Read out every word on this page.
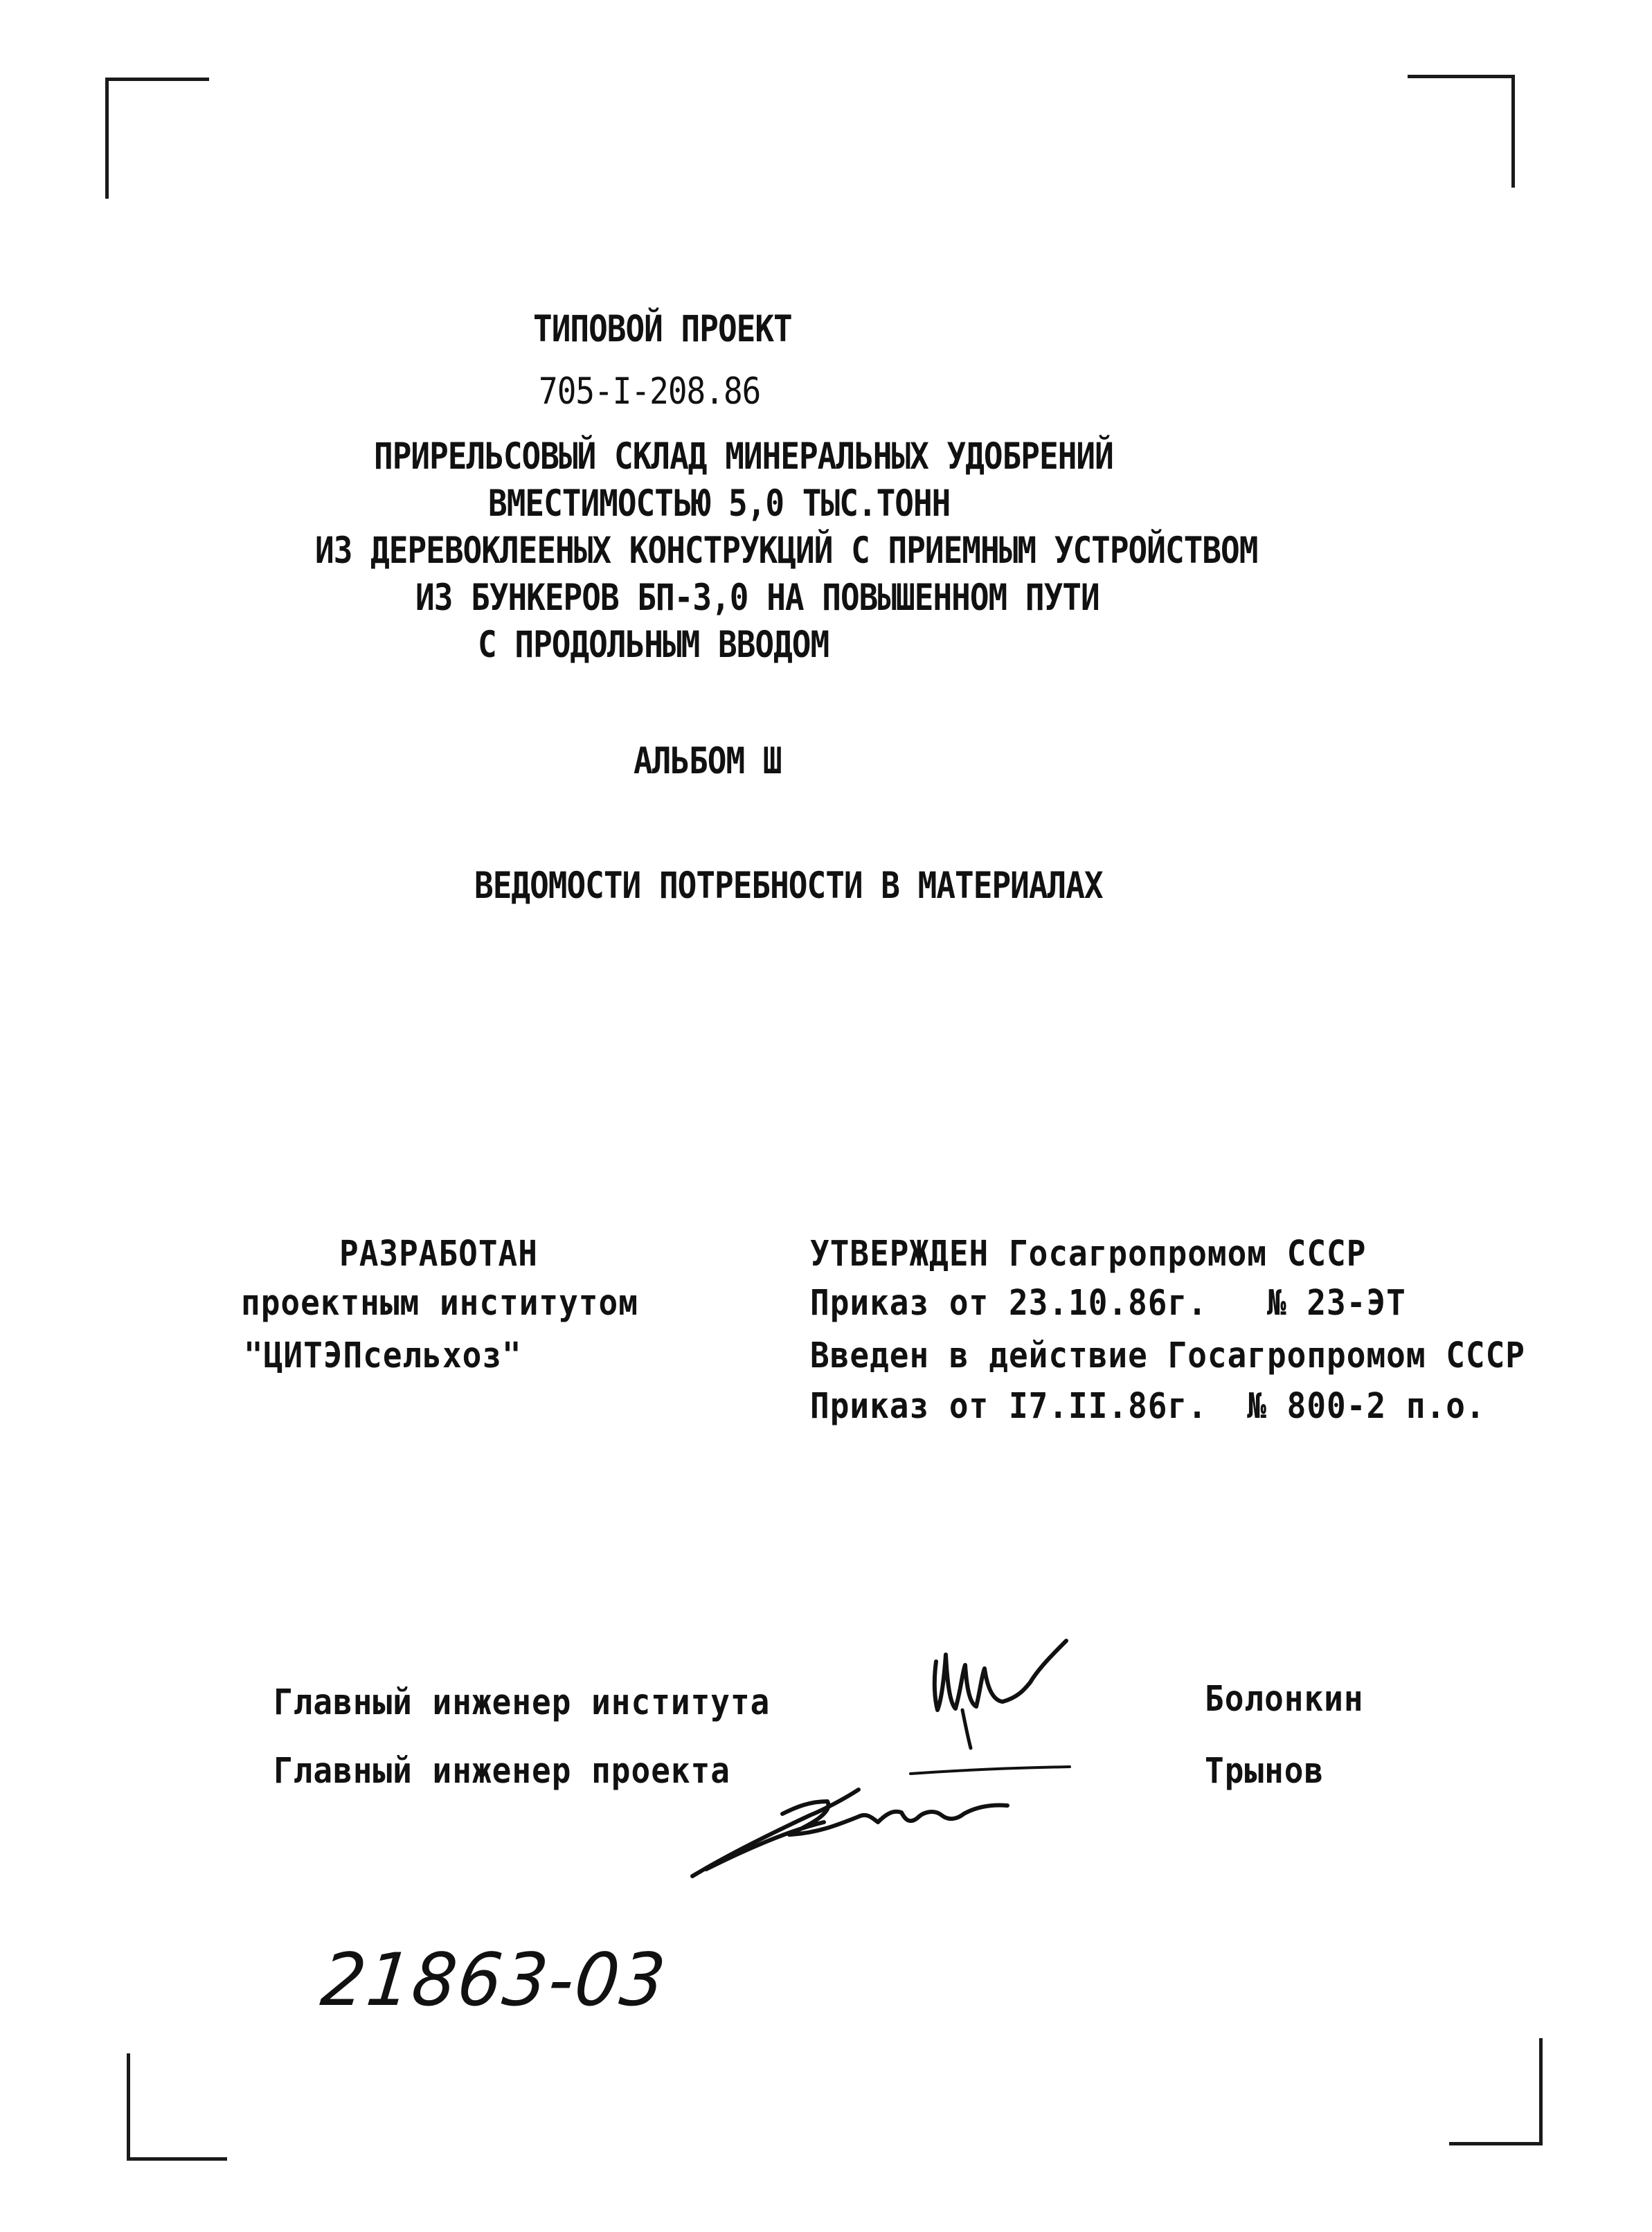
ТИПОВОЙ ПРОЕКТ
705-I-208.86
ПРИРЕЛЬСОВЫЙ СКЛАД МИНЕРАЛЬНЫХ УДОБРЕНИЙ
ВМЕСТИМОСТЬЮ 5,0 ТЫС.ТОНН
ИЗ ДЕРЕВОКЛЕЕНЫХ КОНСТРУКЦИЙ С ПРИЕМНЫМ УСТРОЙСТВОМ
ИЗ БУНКЕРОВ БП-3,0 НА ПОВЫШЕННОМ ПУТИ
С ПРОДОЛЬНЫМ ВВОДОМ
АЛЬБОМ Ш
ВЕДОМОСТИ ПОТРЕБНОСТИ В МАТЕРИАЛАХ
РАЗРАБОТАН
проектным институтом
"ЦИТЭПсельхоз"
УТВЕРЖДЕН Госагропромом СССР
Приказ от 23.10.86г.   № 23-ЭТ
Введен в действие Госагропромом СССР
Приказ от I7.II.86г.  № 800-2 п.о.
Главный инженер института	Болонкин
Главный инженер проекта	Трынов
21863-03
